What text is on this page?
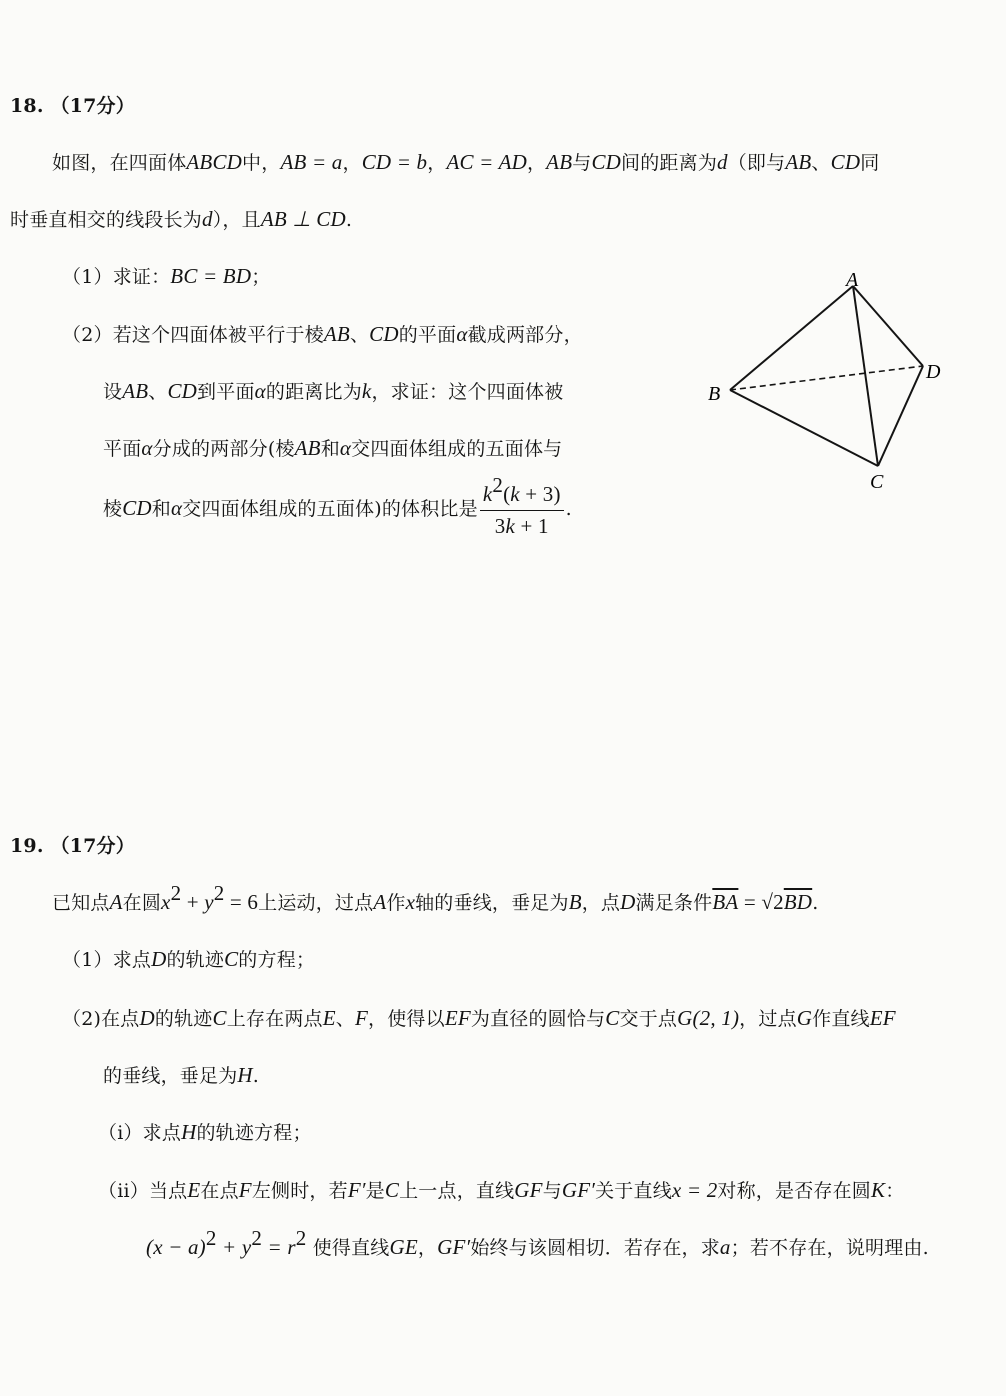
18. （17分）
如图，在四面体ABCD中，AB = a，CD = b，AC = AD，AB与CD间的距离为d（即与AB、CD同
时垂直相交的线段长为d），且AB ⊥ CD.
（1）求证：BC = BD；
（2）若这个四面体被平行于棱AB、CD的平面α截成两部分，
设AB、CD到平面α的距离比为k，求证：这个四面体被
平面α分成的两部分(棱AB和α交四面体组成的五面体与
棱CD和α交四面体组成的五面体)的体积比是 $\frac{k^2(k + 3)}{3k + 1}$ .
A
B
C
D
19. （17分）
已知点A在圆$x^2 + y^2 = 6$上运动，过点A作x轴的垂线，垂足为B，点D满足条件$\overline{BA} = √2\overline{BD}$.
（1）求点D的轨迹C的方程；
（2)在点D的轨迹C上存在两点E、F，使得以EF为直径的圆恰与C交于点G(2, 1)，过点G作直线EF
的垂线，垂足为H.
（i）求点H的轨迹方程；
（ii）当点E在点F左侧时，若F′是C上一点，直线GF与GF′关于直线x = 2对称，是否存在圆K：
$(x - a)^2 + y^2 = r^2$ 使得直线GE，GF′始终与该圆相切．若存在，求a；若不存在，说明理由.
